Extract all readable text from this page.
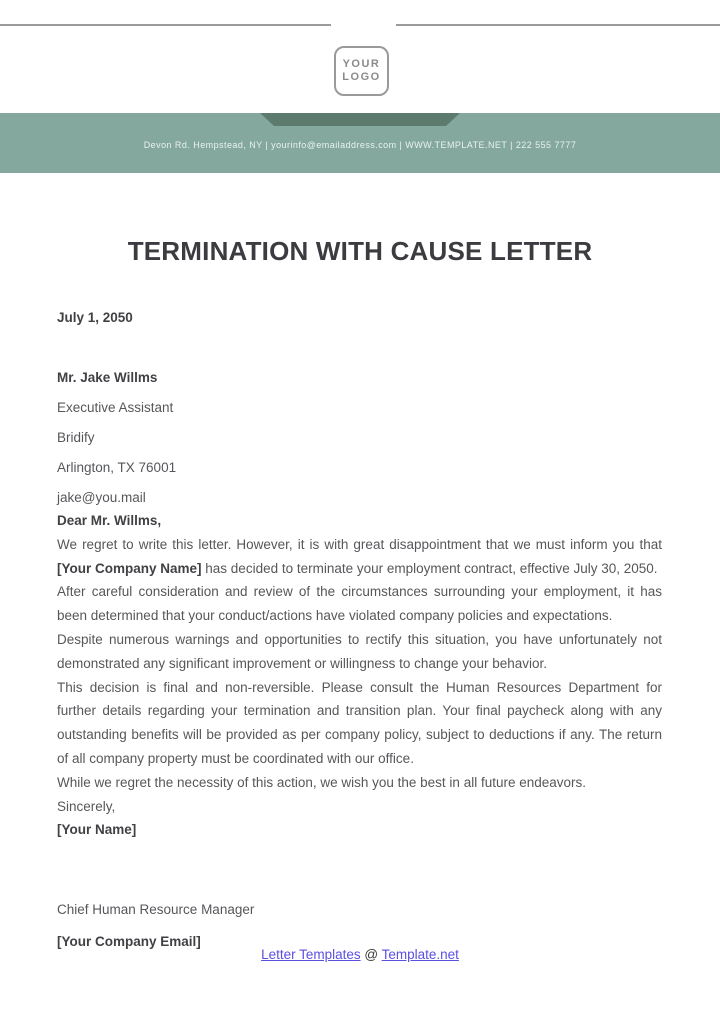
YOUR
LOGO
Devon Rd. Hempstead, NY | yourinfo@emailaddress.com | WWW.TEMPLATE.NET | 222 555 7777
TERMINATION WITH CAUSE LETTER
July 1, 2050
Mr. Jake Willms
Executive Assistant
Bridify
Arlington, TX 76001
jake@you.mail

Dear Mr. Willms,

We regret to write this letter. However, it is with great disappointment that we must inform you that [Your Company Name] has decided to terminate your employment contract, effective July 30, 2050.

After careful consideration and review of the circumstances surrounding your employment, it has been determined that your conduct/actions have violated company policies and expectations.

Despite numerous warnings and opportunities to rectify this situation, you have unfortunately not demonstrated any significant improvement or willingness to change your behavior.

This decision is final and non-reversible. Please consult the Human Resources Department for further details regarding your termination and transition plan. Your final paycheck along with any outstanding benefits will be provided as per company policy, subject to deductions if any. The return of all company property must be coordinated with our office.

While we regret the necessity of this action, we wish you the best in all future endeavors.

Sincerely,

[Your Name]

Chief Human Resource Manager
[Your Company Email]
Letter Templates @ Template.net
